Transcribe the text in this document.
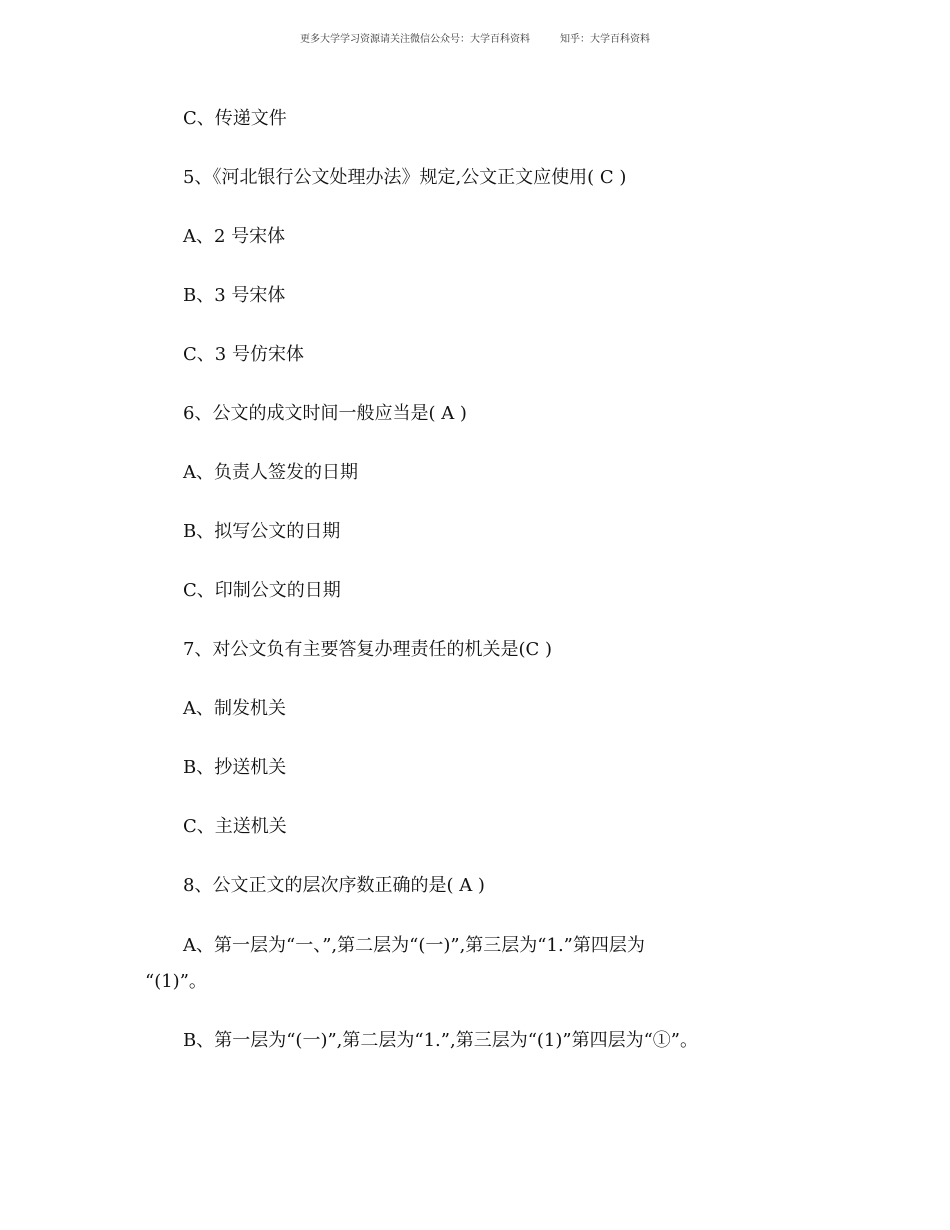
更多大学学习资源请关注微信公众号：大学百科资料	知乎：大学百科资料
C、传递文件
5、《河北银行公文处理办法》规定,公文正文应使用( C )
A、2 号宋体
B、3 号宋体
C、3 号仿宋体
6、公文的成文时间一般应当是( A )
A、负责人签发的日期
B、拟写公文的日期
C、印制公文的日期
7、对公文负有主要答复办理责任的机关是(C )
A、制发机关
B、抄送机关
C、主送机关
8、公文正文的层次序数正确的是( A )
A、第一层为“一、”,第二层为“(一)”,第三层为“1.”第四层为
“(1)”。
B、第一层为“(一)”,第二层为“1.”,第三层为“(1)”第四层为“①”。
